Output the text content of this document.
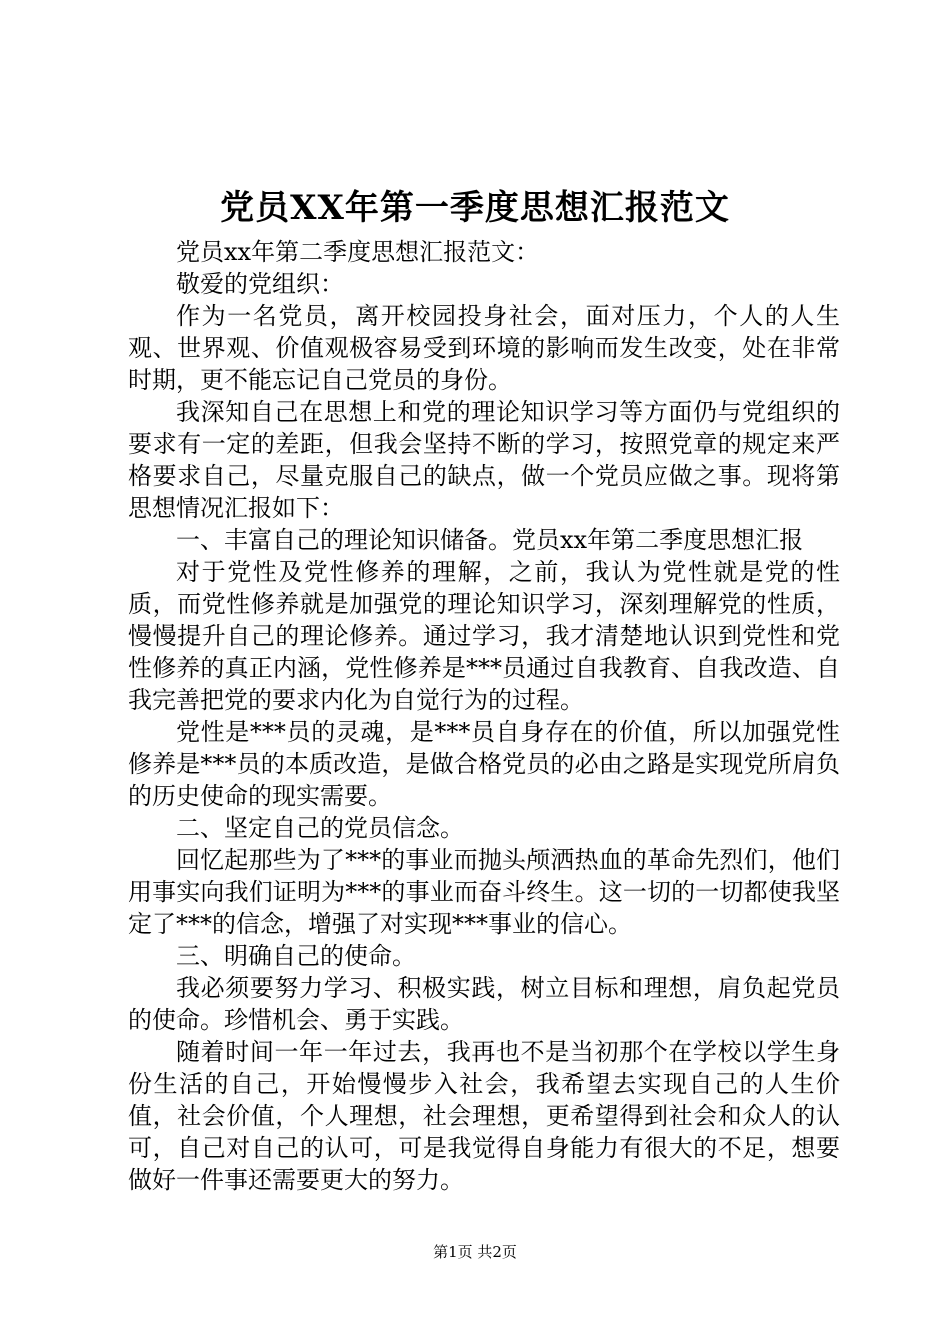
党员XX年第一季度思想汇报范文

党员xx年第二季度思想汇报范文：

敬爱的党组织：

作为一名党员，离开校园投身社会，面对压力，个人的人生观、世界观、价值观极容易受到环境的影响而发生改变，处在非常时期，更不能忘记自己党员的身份。

我深知自己在思想上和党的理论知识学习等方面仍与党组织的要求有一定的差距，但我会坚持不断的学习，按照党章的规定来严格要求自己，尽量克服自己的缺点，做一个党员应做之事。现将第思想情况汇报如下：

一、丰富自己的理论知识储备。党员xx年第二季度思想汇报

对于党性及党性修养的理解，之前，我认为党性就是党的性质，而党性修养就是加强党的理论知识学习，深刻理解党的性质，慢慢提升自己的理论修养。通过学习，我才清楚地认识到党性和党性修养的真正内涵，党性修养是***员通过自我教育、自我改造、自我完善把党的要求内化为自觉行为的过程。

党性是***员的灵魂，是***员自身存在的价值，所以加强党性修养是***员的本质改造，是做合格党员的必由之路是实现党所肩负的历史使命的现实需要。

二、坚定自己的党员信念。

回忆起那些为了***的事业而抛头颅洒热血的革命先烈们，他们用事实向我们证明为***的事业而奋斗终生。这一切的一切都使我坚定了***的信念，增强了对实现***事业的信心。

三、明确自己的使命。

我必须要努力学习、积极实践，树立目标和理想，肩负起党员的使命。珍惜机会、勇于实践。

随着时间一年一年过去，我再也不是当初那个在学校以学生身份生活的自己，开始慢慢步入社会，我希望去实现自己的人生价值，社会价值，个人理想，社会理想，更希望得到社会和众人的认可，自己对自己的认可，可是我觉得自身能力有很大的不足，想要做好一件事还需要更大的努力。

第1页 共2页
